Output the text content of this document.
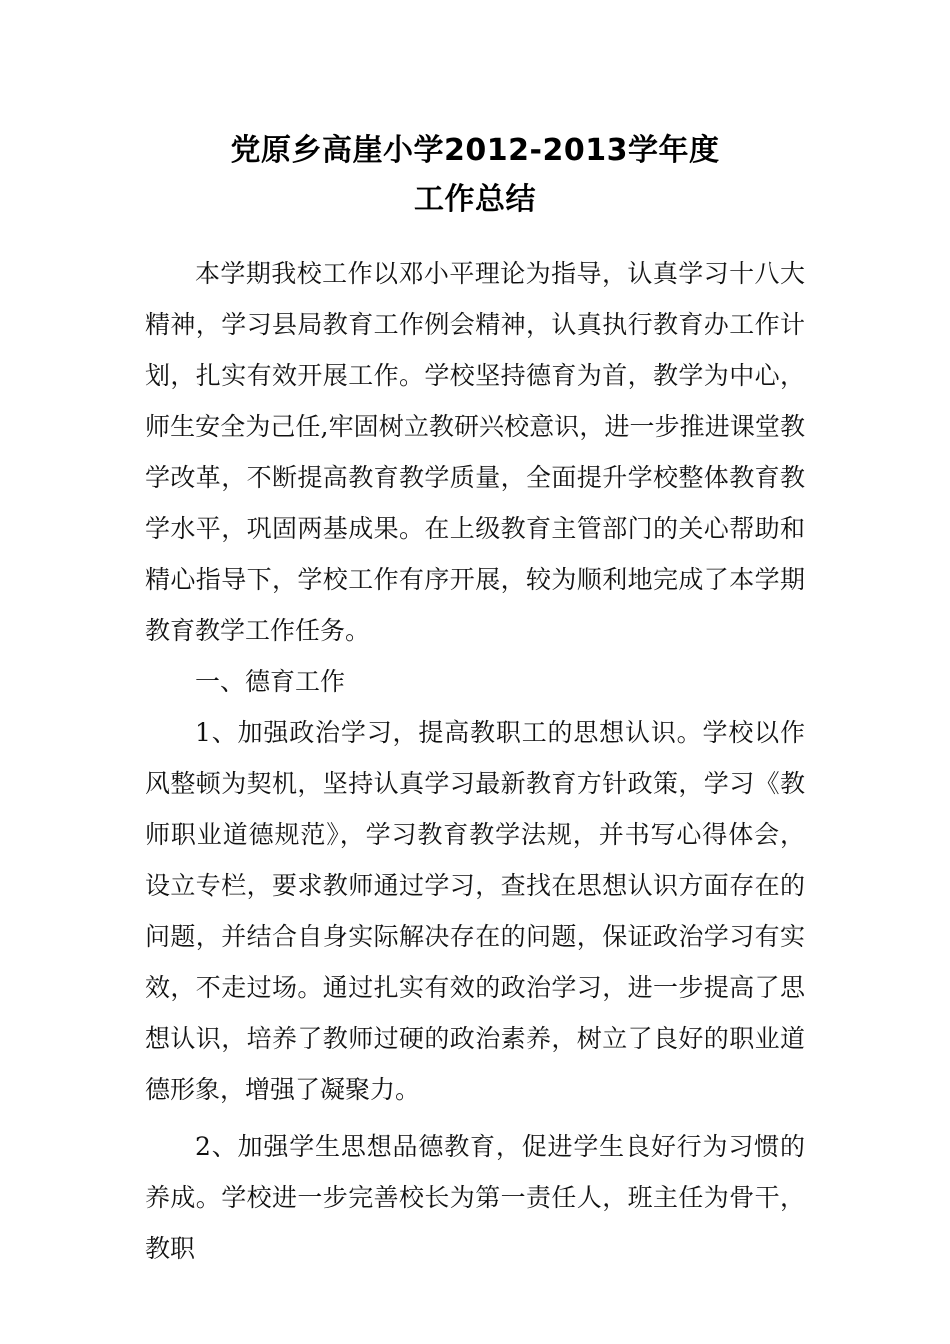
党原乡高崖小学2012-2013学年度
工作总结

本学期我校工作以邓小平理论为指导，认真学习十八大精神，学习县局教育工作例会精神，认真执行教育办工作计划，扎实有效开展工作。学校坚持德育为首，教学为中心，师生安全为己任,牢固树立教研兴校意识，进一步推进课堂教学改革，不断提高教育教学质量，全面提升学校整体教育教学水平，巩固两基成果。在上级教育主管部门的关心帮助和精心指导下，学校工作有序开展，较为顺利地完成了本学期教育教学工作任务。

一、德育工作

1、加强政治学习，提高教职工的思想认识。学校以作风整顿为契机，坚持认真学习最新教育方针政策，学习《教师职业道德规范》，学习教育教学法规，并书写心得体会，设立专栏，要求教师通过学习，查找在思想认识方面存在的问题，并结合自身实际解决存在的问题，保证政治学习有实效，不走过场。通过扎实有效的政治学习，进一步提高了思想认识，培养了教师过硬的政治素养，树立了良好的职业道德形象，增强了凝聚力。

2、加强学生思想品德教育，促进学生良好行为习惯的养成。学校进一步完善校长为第一责任人，班主任为骨干，教职
